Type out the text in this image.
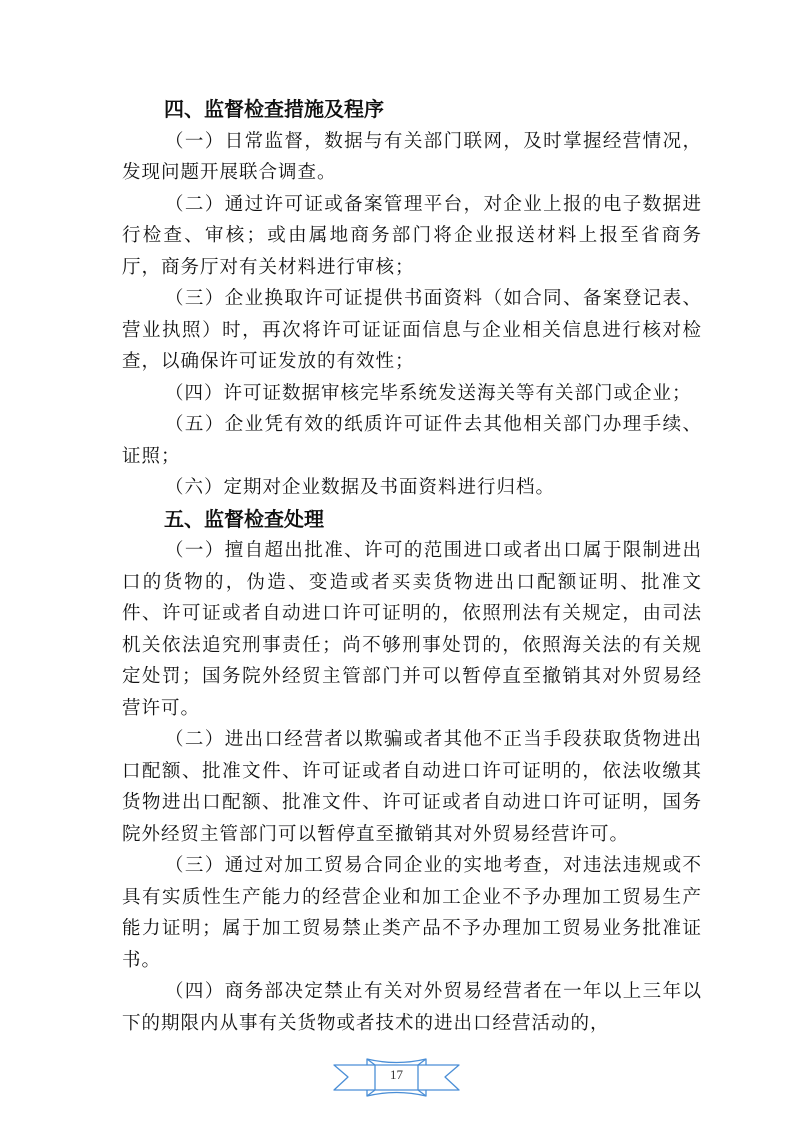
四、监督检查措施及程序

（一）日常监督，数据与有关部门联网，及时掌握经营情况，发现问题开展联合调查。

（二）通过许可证或备案管理平台，对企业上报的电子数据进行检查、审核；或由属地商务部门将企业报送材料上报至省商务厅，商务厅对有关材料进行审核；

（三）企业换取许可证提供书面资料（如合同、备案登记表、营业执照）时，再次将许可证证面信息与企业相关信息进行核对检查，以确保许可证发放的有效性；

（四）许可证数据审核完毕系统发送海关等有关部门或企业；

（五）企业凭有效的纸质许可证件去其他相关部门办理手续、证照；

（六）定期对企业数据及书面资料进行归档。

五、监督检查处理

（一）擅自超出批准、许可的范围进口或者出口属于限制进出口的货物的，伪造、变造或者买卖货物进出口配额证明、批准文件、许可证或者自动进口许可证明的，依照刑法有关规定，由司法机关依法追究刑事责任；尚不够刑事处罚的，依照海关法的有关规定处罚；国务院外经贸主管部门并可以暂停直至撤销其对外贸易经营许可。

（二）进出口经营者以欺骗或者其他不正当手段获取货物进出口配额、批准文件、许可证或者自动进口许可证明的，依法收缴其货物进出口配额、批准文件、许可证或者自动进口许可证明，国务院外经贸主管部门可以暂停直至撤销其对外贸易经营许可。

（三）通过对加工贸易合同企业的实地考查，对违法违规或不具有实质性生产能力的经营企业和加工企业不予办理加工贸易生产能力证明；属于加工贸易禁止类产品不予办理加工贸易业务批准证书。

（四）商务部决定禁止有关对外贸易经营者在一年以上三年以下的期限内从事有关货物或者技术的进出口经营活动的，

17
